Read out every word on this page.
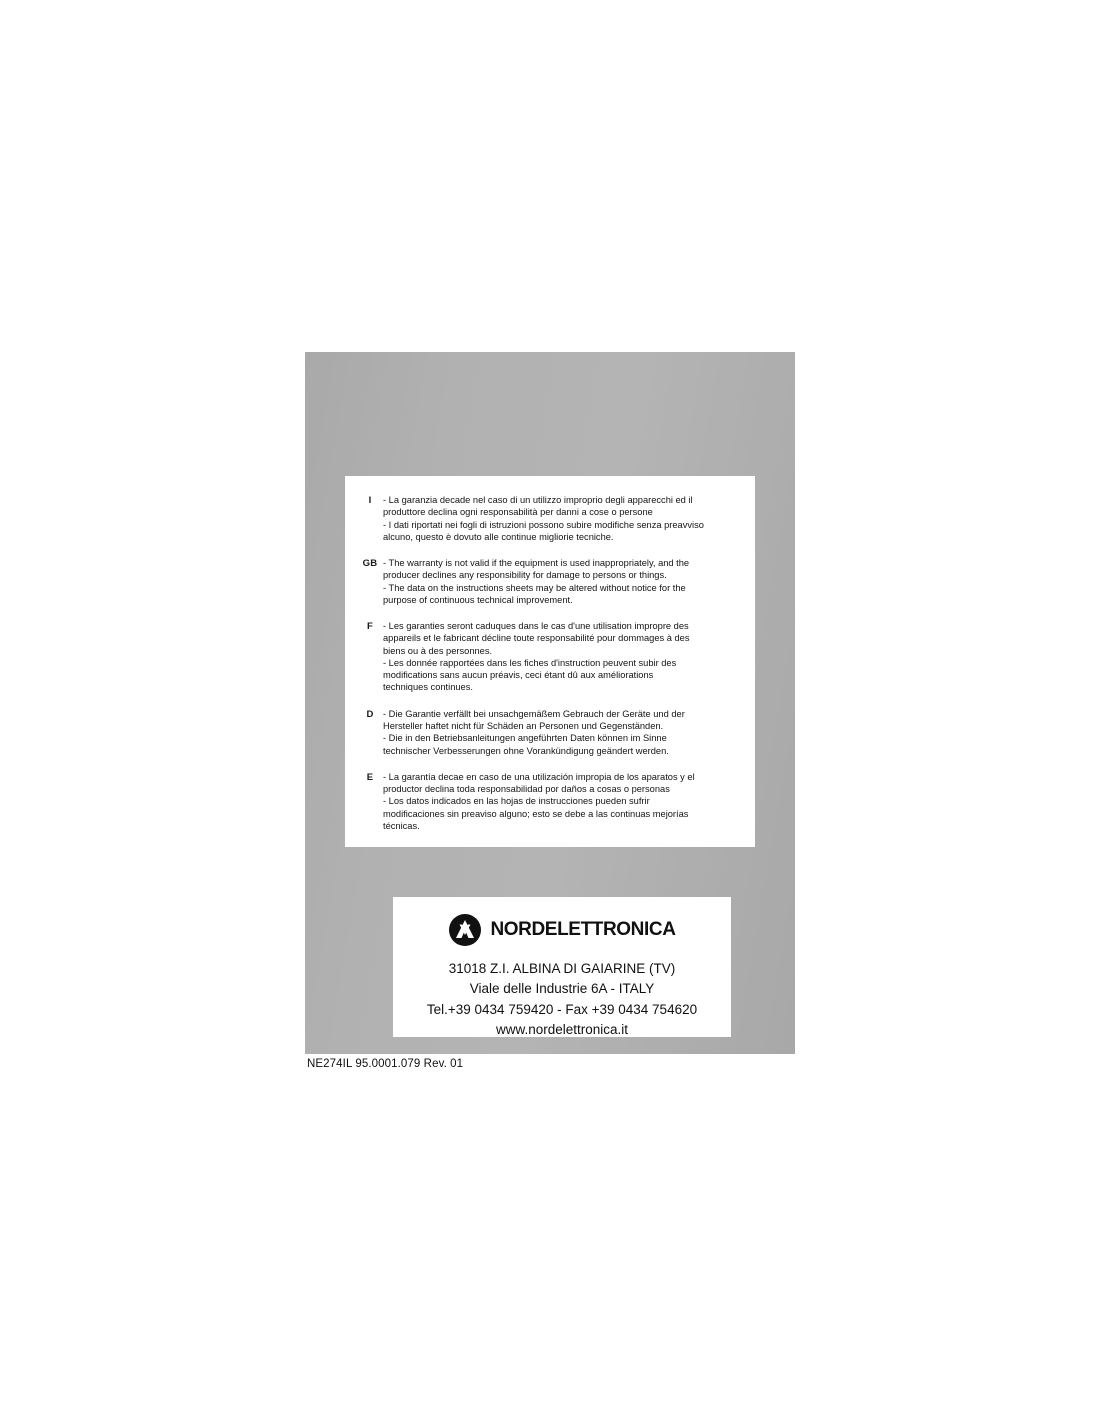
I	- La garanzia decade nel caso di un utilizzo improprio degli apparecchi ed il
produttore declina ogni responsabilità per danni a cose o persone
- I dati riportati nei fogli di istruzioni possono subire modifiche senza preavviso
alcuno, questo è dovuto alle continue migliorie tecniche.
GB - The warranty is not valid if the equipment is used inappropriately, and the
producer declines any responsibility for damage to persons or things.
- The data on the instructions sheets may be altered without notice for the
purpose of continuous technical improvement.
F	- Les garanties seront caduques dans le cas d'une utilisation impropre des
appareils et le fabricant décline toute responsabilité pour dommages à des
biens ou à des personnes.
- Les donnée rapportées dans les fiches d'instruction peuvent subir des
modifications sans aucun préavis, ceci étant dû aux améliorations
techniques continues.
D	- Die Garantie verfällt bei unsachgemäßem Gebrauch der Geräte und der
Hersteller haftet nicht für Schäden an Personen und Gegenständen.
- Die in den Betriebsanleitungen angeführten Daten können im Sinne
technischer Verbesserungen ohne Vorankündigung geändert werden.
E	- La garantía decae en caso de una utilización impropia de los aparatos y el
productor declina toda responsabilidad por daños a cosas o personas
- Los datos indicados en las hojas de instrucciones pueden sufrir
modificaciones sin preaviso alguno; esto se debe a las continuas mejorías
técnicas.
NORDELETTRONICA
31018 Z.I. ALBINA DI GAIARINE (TV)
Viale delle Industrie 6A - ITALY
Tel.+39 0434 759420 - Fax +39 0434 754620
www.nordelettronica.it
NE274IL 95.0001.079 Rev. 01
